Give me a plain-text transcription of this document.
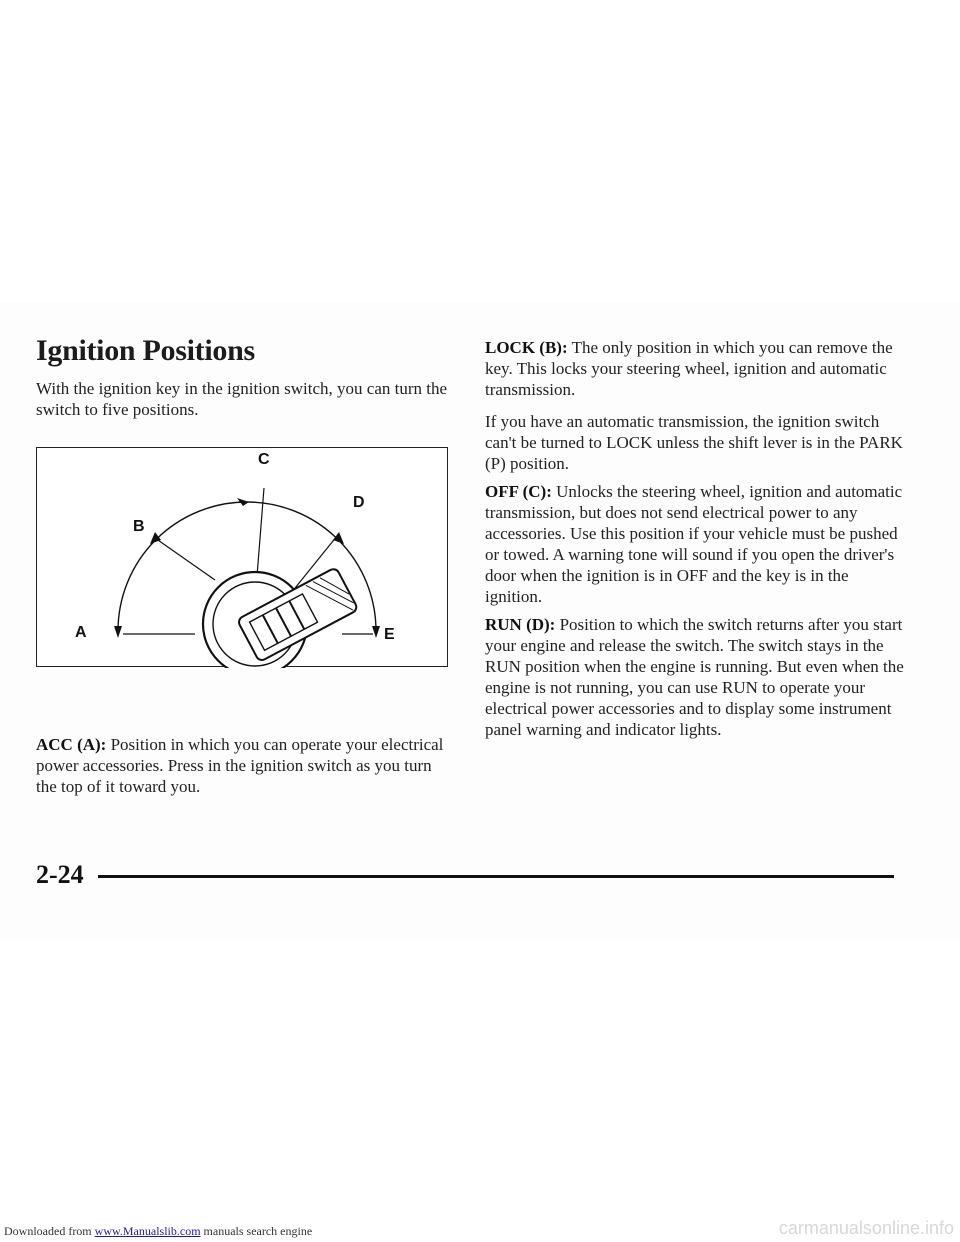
Ignition Positions

With the ignition key in the ignition switch, you can turn the switch to five positions.

C
B
D
A	E

ACC (A): Position in which you can operate your electrical power accessories. Press in the ignition switch as you turn the top of it toward you.

LOCK (B): The only position in which you can remove the key. This locks your steering wheel, ignition and automatic transmission.

If you have an automatic transmission, the ignition switch can't be turned to LOCK unless the shift lever is in the PARK (P) position.

OFF (C): Unlocks the steering wheel, ignition and automatic transmission, but does not send electrical power to any accessories. Use this position if your vehicle must be pushed or towed. A warning tone will sound if you open the driver's door when the ignition is in OFF and the key is in the ignition.

RUN (D): Position to which the switch returns after you start your engine and release the switch. The switch stays in the RUN position when the engine is running. But even when the engine is not running, you can use RUN to operate your electrical power accessories and to display some instrument panel warning and indicator lights.

2-24
Downloaded from www.Manualslib.com manuals search engine	carmanualsonline.info
